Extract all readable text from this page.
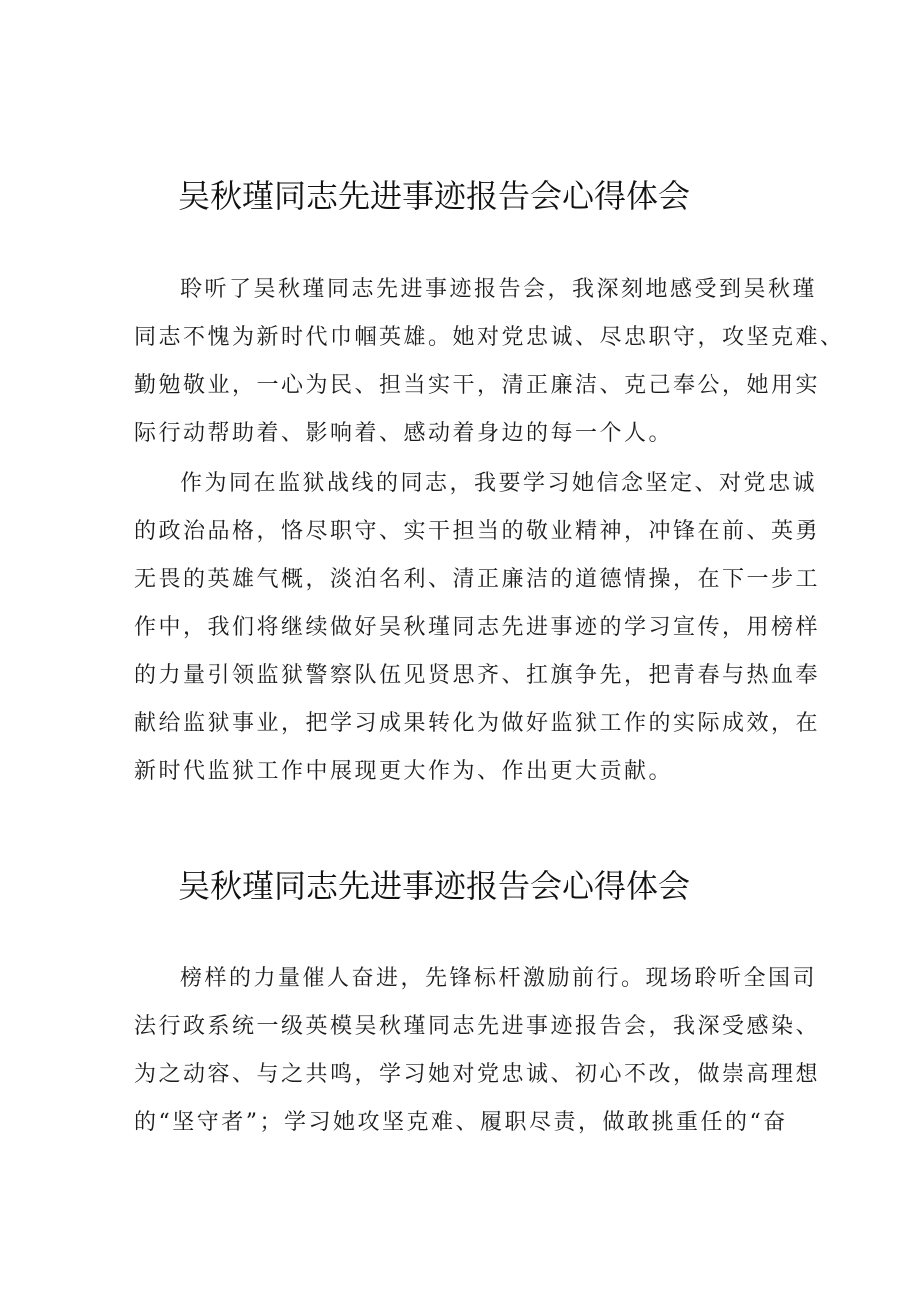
吴秋瑾同志先进事迹报告会心得体会
聆听了吴秋瑾同志先进事迹报告会，我深刻地感受到吴秋瑾
同志不愧为新时代巾帼英雄。她对党忠诚、尽忠职守，攻坚克难、
勤勉敬业，一心为民、担当实干，清正廉洁、克己奉公，她用实
际行动帮助着、影响着、感动着身边的每一个人。
作为同在监狱战线的同志，我要学习她信念坚定、对党忠诚
的政治品格，恪尽职守、实干担当的敬业精神，冲锋在前、英勇
无畏的英雄气概，淡泊名利、清正廉洁的道德情操，在下一步工
作中，我们将继续做好吴秋瑾同志先进事迹的学习宣传，用榜样
的力量引领监狱警察队伍见贤思齐、扛旗争先，把青春与热血奉
献给监狱事业，把学习成果转化为做好监狱工作的实际成效，在
新时代监狱工作中展现更大作为、作出更大贡献。
吴秋瑾同志先进事迹报告会心得体会
榜样的力量催人奋进，先锋标杆激励前行。现场聆听全国司
法行政系统一级英模吴秋瑾同志先进事迹报告会，我深受感染、
为之动容、与之共鸣，学习她对党忠诚、初心不改，做崇高理想
的“坚守者”；学习她攻坚克难、履职尽责，做敢挑重任的“奋
